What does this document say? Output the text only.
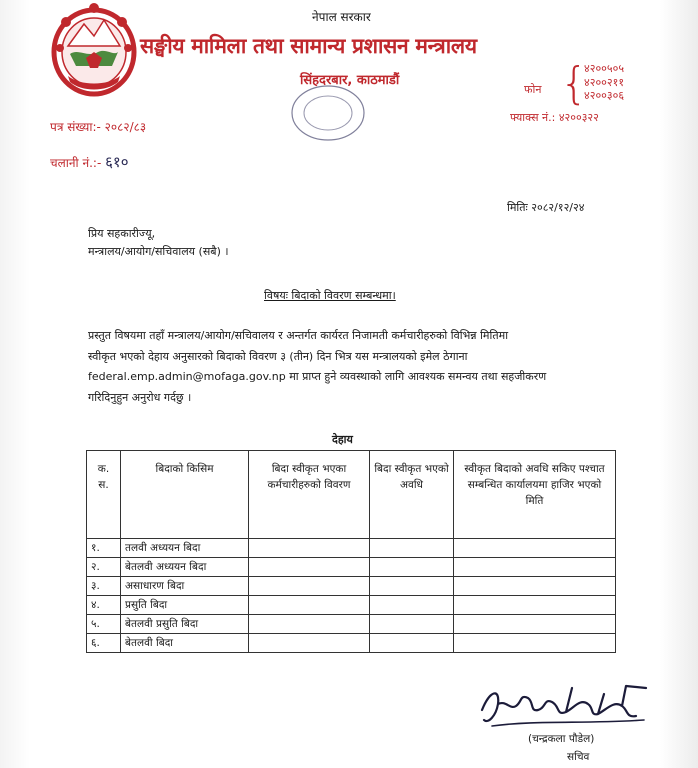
नेपाल सरकार
सङ्घीय मामिला तथा सामान्य प्रशासन मन्त्रालय
सिंहदरबार, काठमाडौं
फोन {
४२००५०५
४२००२११
४२००३०६
फ्याक्स नं.: ४२००३२२
पत्र संख्या:- २०८२/८३
चलानी नं.:- ६१०
मितिः २०८२/१२/२४
प्रिय सहकारीज्यू,
मन्त्रालय/आयोग/सचिवालय (सबै) ।
विषयः बिदाको विवरण सम्बन्धमा।
प्रस्तुत विषयमा तहाँ मन्त्रालय/आयोग/सचिवालय र अन्तर्गत कार्यरत निजामती कर्मचारीहरुको विभिन्न मितिमा
स्वीकृत भएको देहाय अनुसारको बिदाको विवरण ३ (तीन) दिन भित्र यस मन्त्रालयको इमेल ठेगाना
federal.emp.admin@mofaga.gov.np मा प्राप्त हुने व्यवस्थाको लागि आवश्यक समन्वय तथा सहजीकरण
गरिदिनुहुन अनुरोध गर्दछु ।
देहाय
क. स.	बिदाको किसिम	बिदा स्वीकृत भएका कर्मचारीहरुको विवरण	बिदा स्वीकृत भएको अवधि	स्वीकृत बिदाको अवधि सकिए पश्चात सम्बन्धित कार्यालयमा हाजिर भएको मिति
१.	तलवी अध्ययन बिदा			
२.	बेतलवी अध्ययन बिदा			
३.	असाधारण बिदा			
४.	प्रसुति बिदा			
५.	बेतलवी प्रसुति बिदा			
६.	बेतलवी बिदा			
(चन्द्रकला पौडेल)
सचिव
